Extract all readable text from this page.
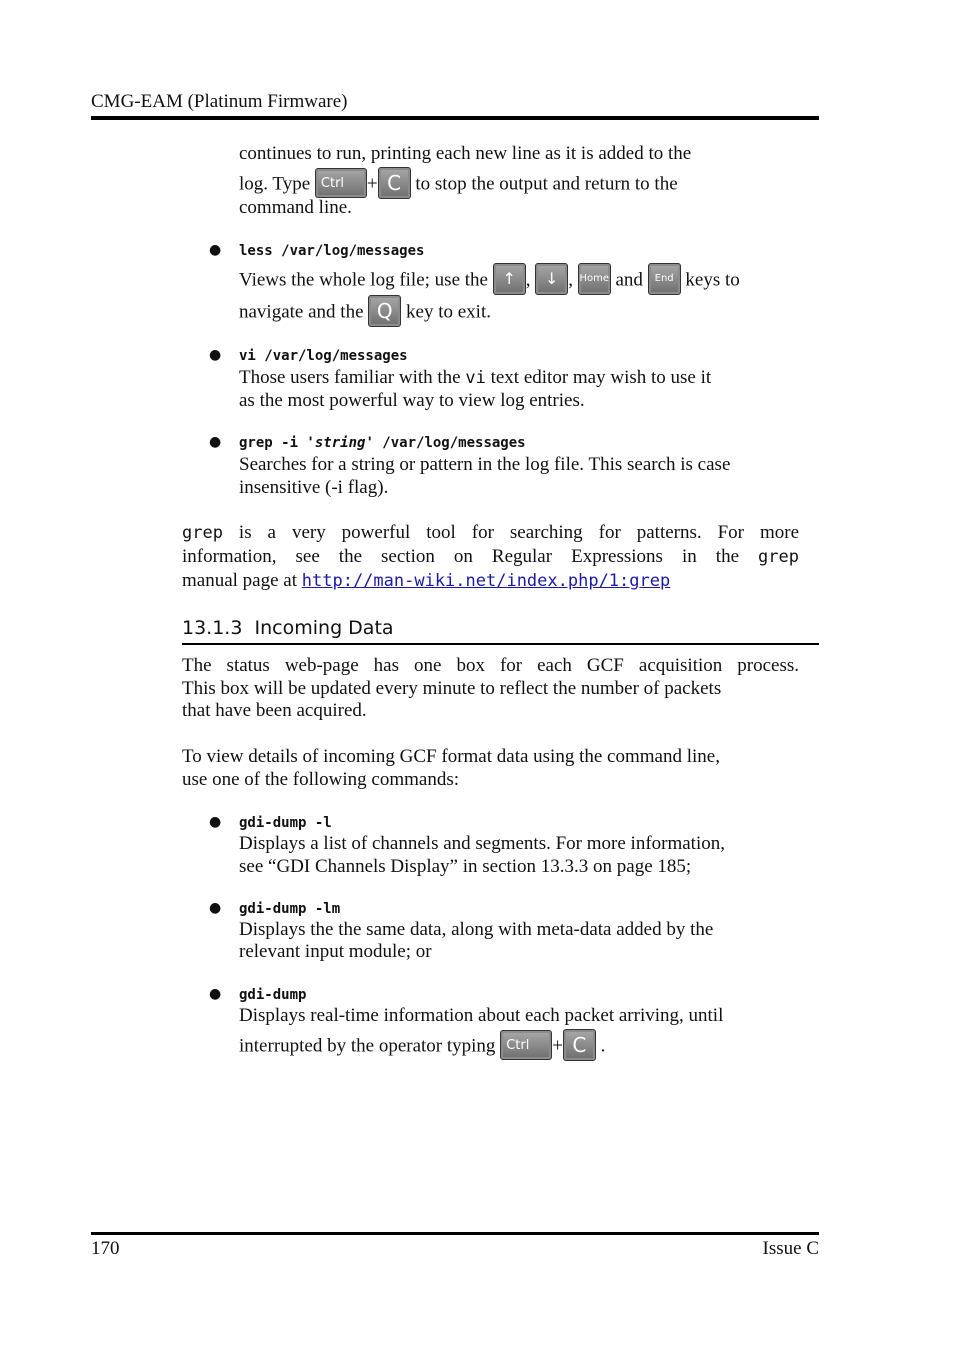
CMG-EAM (Platinum Firmware)
continues to run, printing each new line as it is added to the
log. Type Ctrl + C to stop the output and return to the
command line.
● less /var/log/messages
Views the whole log file; use the ↑ , ↓ , Home and End keys to
navigate and the Q key to exit.
● vi /var/log/messages
Those users familiar with the vi text editor may wish to use it
as the most powerful way to view log entries.
● grep -i 'string' /var/log/messages
Searches for a string or pattern in the log file. This search is case
insensitive (-i flag).
grep is a very powerful tool for searching for patterns. For more
information, see the section on Regular Expressions in the grep
manual page at http://man-wiki.net/index.php/1:grep
13.1.3 Incoming Data
The status web-page has one box for each GCF acquisition process.
This box will be updated every minute to reflect the number of packets
that have been acquired.
To view details of incoming GCF format data using the command line,
use one of the following commands:
● gdi-dump -l
Displays a list of channels and segments. For more information,
see “GDI Channels Display” in section 13.3.3 on page 185;
● gdi-dump -lm
Displays the the same data, along with meta-data added by the
relevant input module; or
● gdi-dump
Displays real-time information about each packet arriving, until
interrupted by the operator typing Ctrl + C .
170	Issue C
